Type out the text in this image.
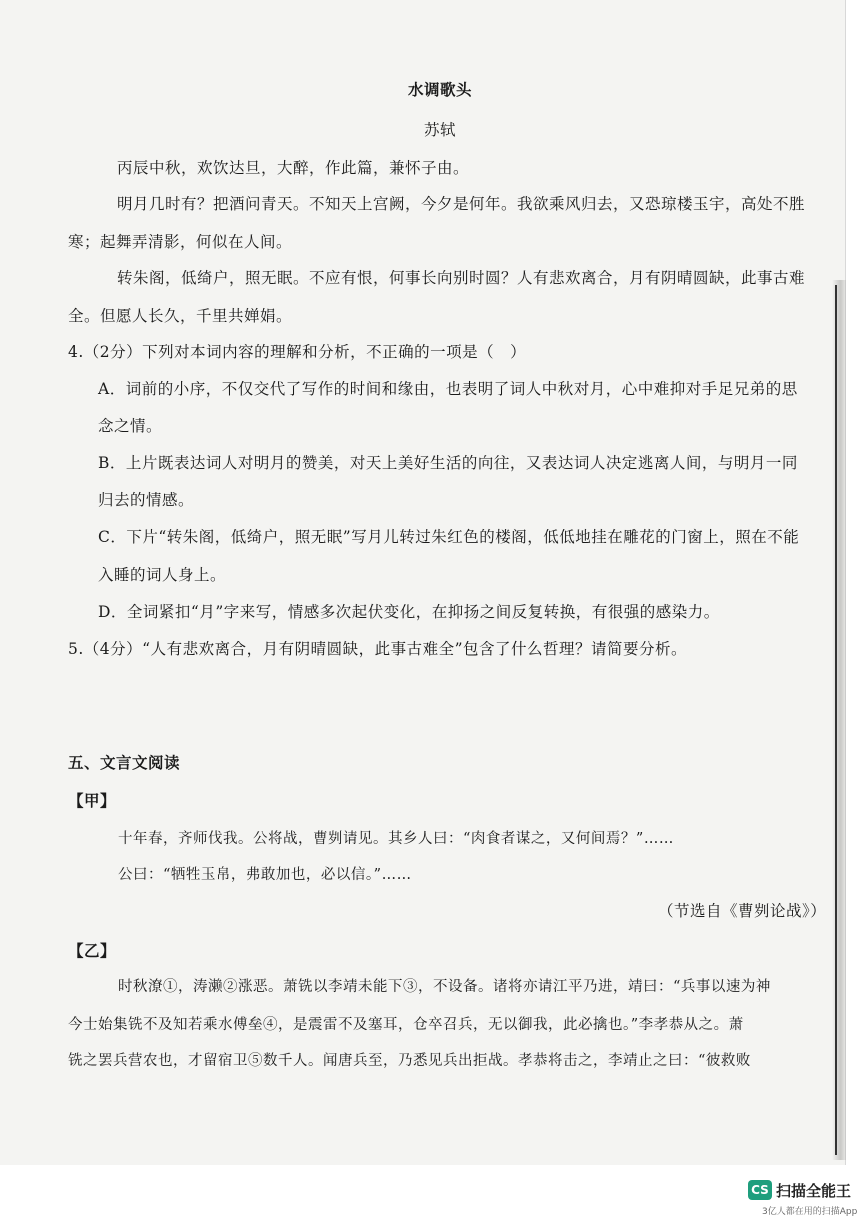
水调歌头
苏轼
丙辰中秋，欢饮达旦，大醉，作此篇，兼怀子由。
明月几时有？把酒问青天。不知天上宫阙，今夕是何年。我欲乘风归去，又恐琼楼玉宇，高处不胜
寒；起舞弄清影，何似在人间。
转朱阁，低绮户，照无眠。不应有恨，何事长向别时圆？人有悲欢离合，月有阴晴圆缺，此事古难
全。但愿人长久，千里共婵娟。
4.（2分）下列对本词内容的理解和分析，不正确的一项是（　）
A．词前的小序，不仅交代了写作的时间和缘由，也表明了词人中秋对月，心中难抑对手足兄弟的思
念之情。
B．上片既表达词人对明月的赞美，对天上美好生活的向往，又表达词人决定逃离人间，与明月一同
归去的情感。
C．下片“转朱阁，低绮户，照无眠”写月儿转过朱红色的楼阁，低低地挂在雕花的门窗上，照在不能
入睡的词人身上。
D．全词紧扣“月”字来写，情感多次起伏变化，在抑扬之间反复转换，有很强的感染力。
5.（4分）“人有悲欢离合，月有阴晴圆缺，此事古难全”包含了什么哲理？请简要分析。
五、文言文阅读
【甲】
十年春，齐师伐我。公将战，曹刿请见。其乡人曰：“肉食者谋之，又何间焉？”……
公曰：“牺牲玉帛，弗敢加也，必以信。”……
（节选自《曹刿论战》）
【乙】
时秋潦①，涛濑②涨恶。萧铣以李靖未能下③，不设备。诸将亦请江平乃进，靖曰：“兵事以速为神
今士始集铣不及知若乘水傅垒④，是震雷不及塞耳，仓卒召兵，无以御我，此必擒也。”李孝恭从之。萧
铣之罢兵营农也，才留宿卫⑤数千人。闻唐兵至，乃悉见兵出拒战。孝恭将击之，李靖止之曰：“彼救败
CS 扫描全能王
3亿人都在用的扫描App
